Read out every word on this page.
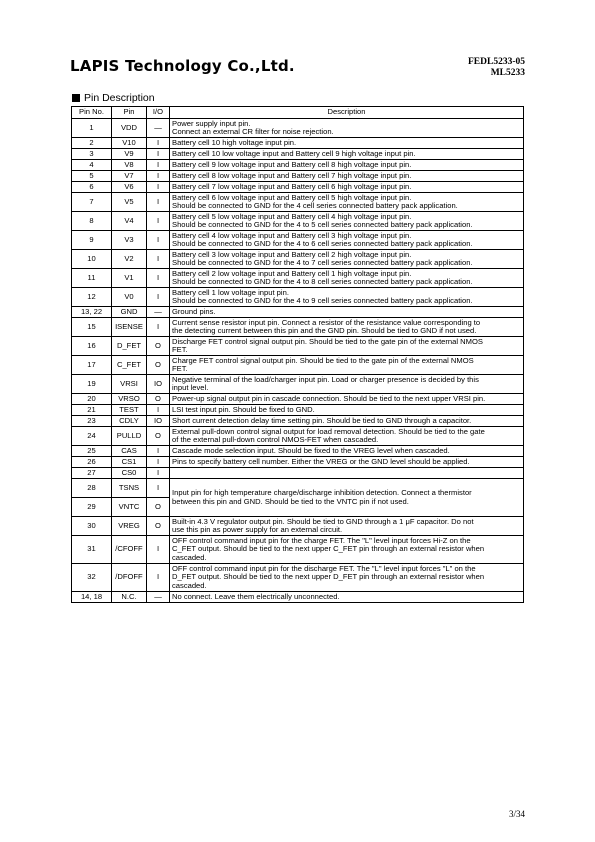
LAPIS Technology Co.,Ltd.	FEDL5233-05
ML5233
Pin Description
Pin No.	Pin	I/O	Description
1	VDD	—	Power supply input pin.
Connect an external CR filter for noise rejection.

2	V10	I	Battery cell 10 high voltage input pin.

3	V9	I	Battery cell 10 low voltage input and Battery cell 9 high voltage input pin.

4	V8	I	Battery cell 9 low voltage input and Battery cell 8 high voltage input pin.

5	V7	I	Battery cell 8 low voltage input and Battery cell 7 high voltage input pin.

6	V6	I	Battery cell 7 low voltage input and Battery cell 6 high voltage input pin.

7	V5	I	Battery cell 6 low voltage input and Battery cell 5 high voltage input pin.
Should be connected to GND for the 4 cell series connected battery pack application.

8	V4	I	Battery cell 5 low voltage input and Battery cell 4 high voltage input pin.
Should be connected to GND for the 4 to 5 cell series connected battery pack application.

9	V3	I	Battery cell 4 low voltage input and Battery cell 3 high voltage input pin.
Should be connected to GND for the 4 to 6 cell series connected battery pack application.

10	V2	I	Battery cell 3 low voltage input and Battery cell 2 high voltage input pin.
Should be connected to GND for the 4 to 7 cell series connected battery pack application.

11	V1	I	Battery cell 2 low voltage input and Battery cell 1 high voltage input pin.
Should be connected to GND for the 4 to 8 cell series connected battery pack application.

12	V0	I	Battery cell 1 low voltage input pin.
Should be connected to GND for the 4 to 9 cell series connected battery pack application.

13, 22	GND	—	Ground pins.

15	ISENSE	I	Current sense resistor input pin. Connect a resistor of the resistance value corresponding to
the detecting current between this pin and the GND pin. Should be tied to GND if not used.

16	D_FET	O	Discharge FET control signal output pin. Should be tied to the gate pin of the external NMOS
FET.

17	C_FET	O	Charge FET control signal output pin. Should be tied to the gate pin of the external NMOS
FET.

19	VRSI	IO	Negative terminal of the load/charger input pin. Load or charger presence is decided by this
input level.

20	VRSO	O	Power-up signal output pin in cascade connection. Should be tied to the next upper VRSI pin.

21	TEST	I	LSI test input pin. Should be fixed to GND.

23	CDLY	IO	Short current detection delay time setting pin. Should be tied to GND through a capacitor.

24	PULLD	O	External pull-down control signal output for load removal detection. Should be tied to the gate
of the external pull-down control NMOS-FET when cascaded.

25	CAS	I	Cascade mode selection input. Should be fixed to the VREG level when cascaded.

26	CS1	I	Pins to specify battery cell number. Either the VREG or the GND level should be applied.

27	CS0	I	
28	TSNS	I	Input pin for high temperature charge/discharge inhibition detection. Connect a thermistor
between this pin and GND. Should be tied to the VNTC pin if not used.

29	VNTC	O	
30	VREG	O	Built-in 4.3 V regulator output pin. Should be tied to GND through a 1 μF capacitor. Do not
use this pin as power supply for an external circuit.

31	/CFOFF	I	OFF control command input pin for the charge FET. The "L" level input forces Hi-Z on the
C_FET output. Should be tied to the next upper C_FET pin through an external resistor when
cascaded.

32	/DFOFF	I	OFF control command input pin for the discharge FET. The "L" level input forces "L" on the
D_FET output. Should be tied to the next upper D_FET pin through an external resistor when
cascaded.

14, 18	N.C.	—	No connect. Leave them electrically unconnected.
3/34
